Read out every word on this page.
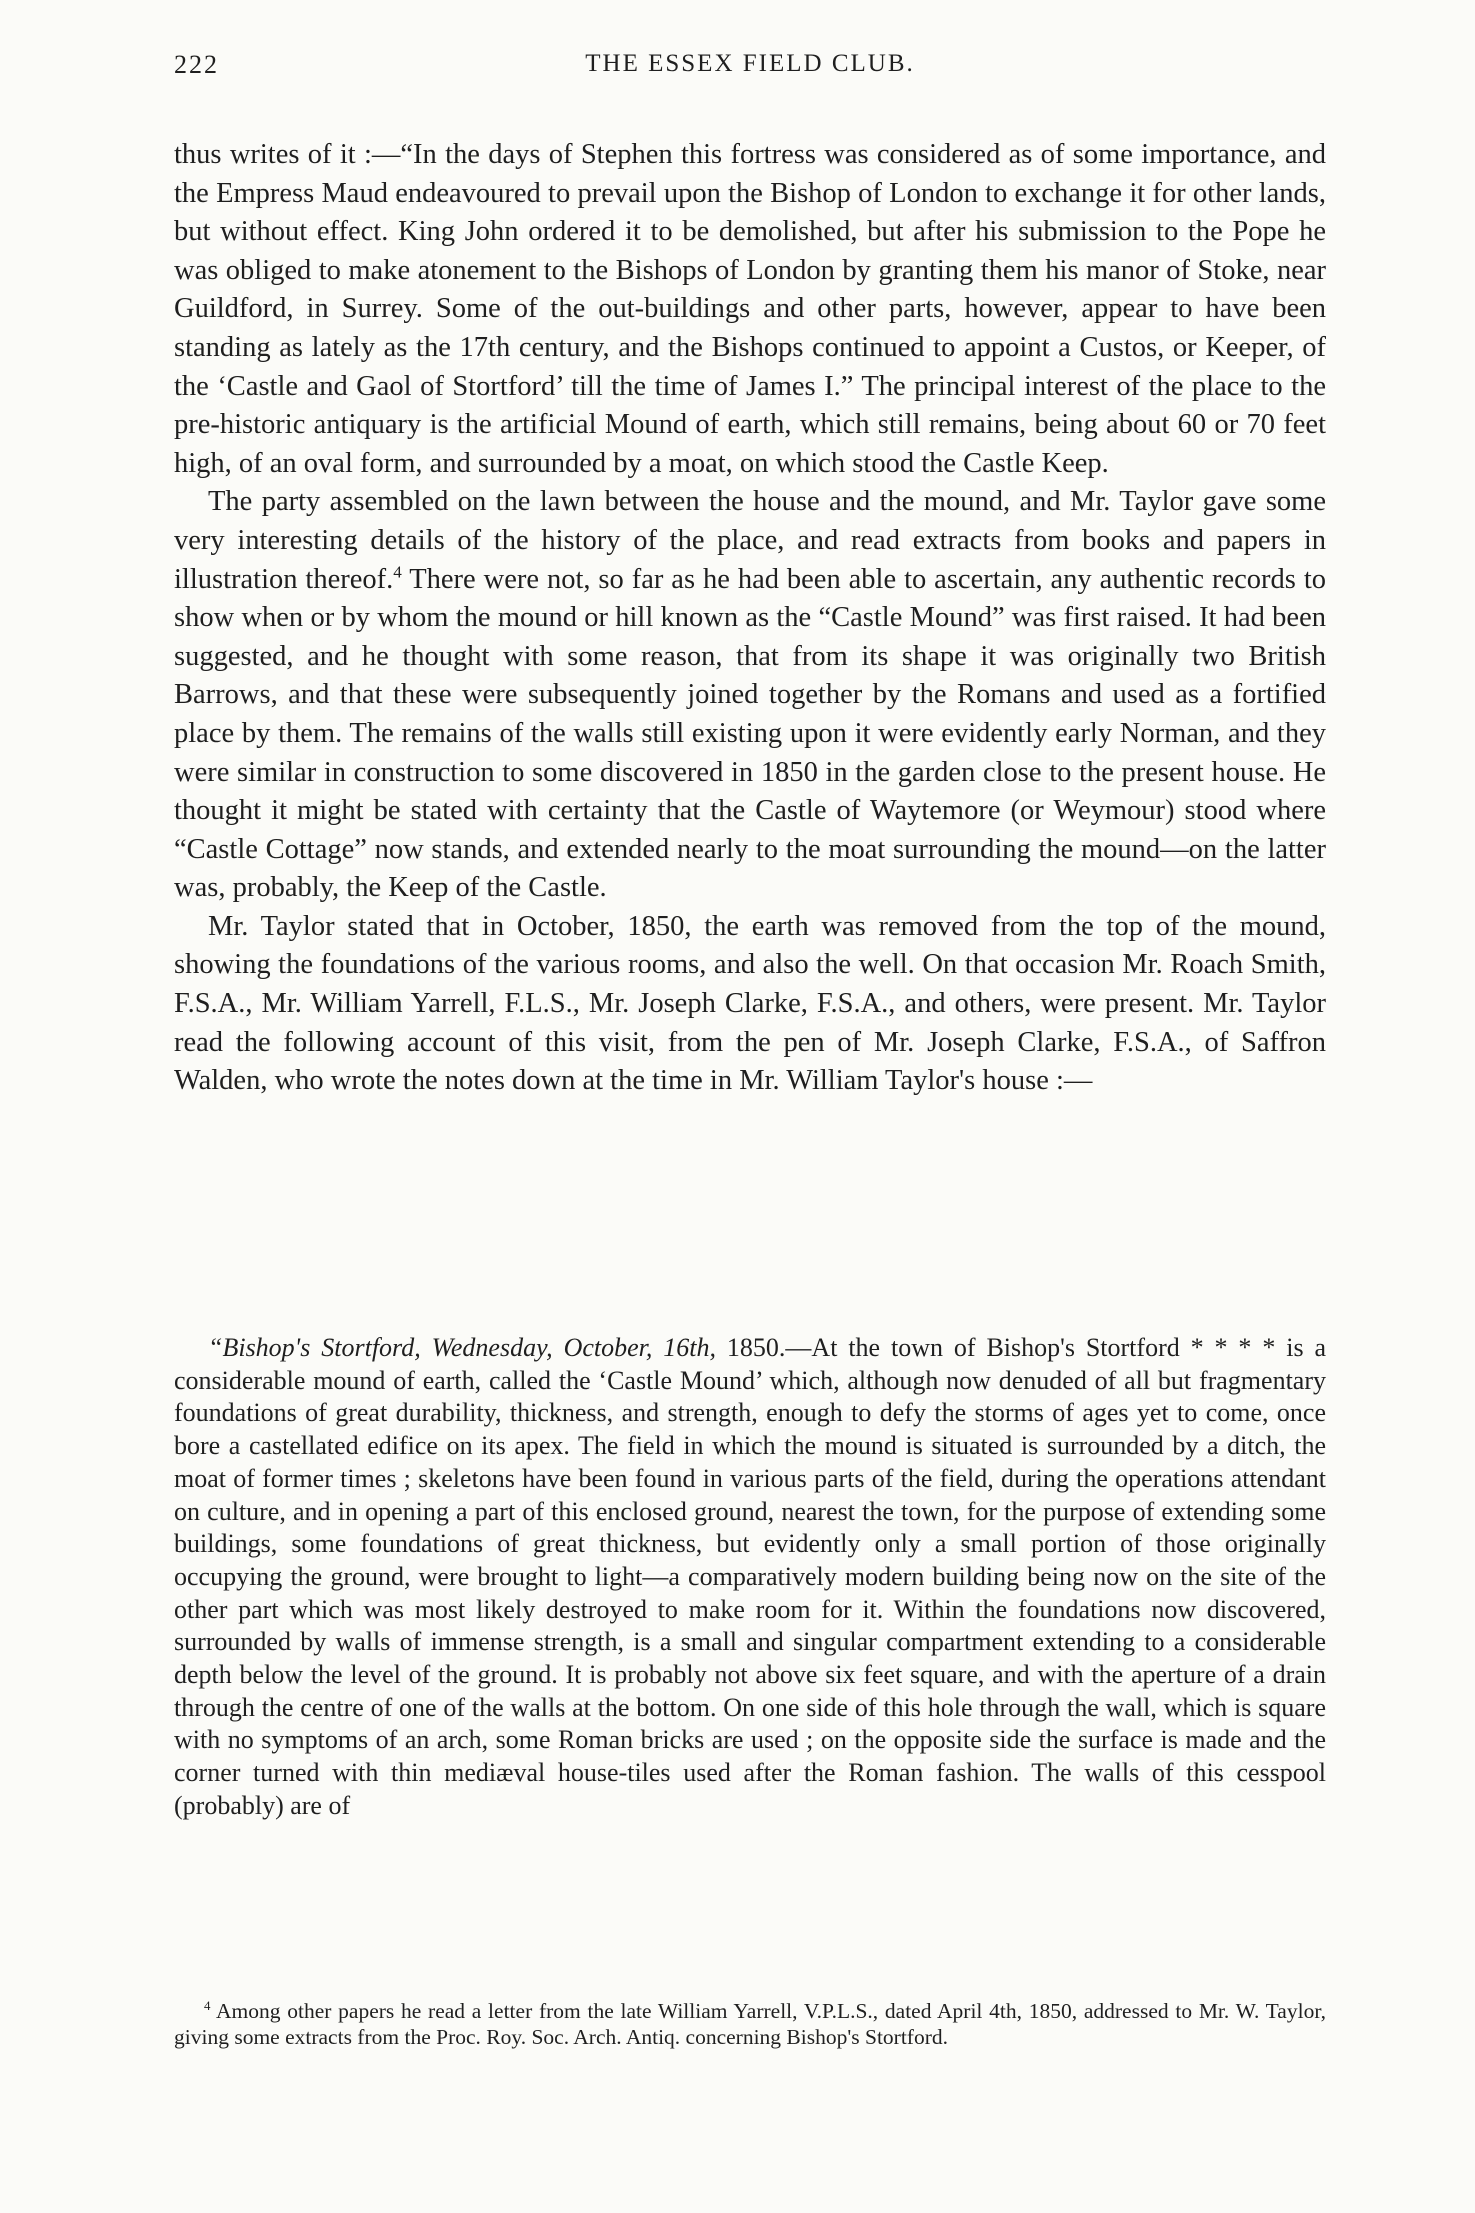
222	THE ESSEX FIELD CLUB.

thus writes of it :—“In the days of Stephen this fortress was considered as of some importance, and the Empress Maud endeavoured to prevail upon the Bishop of London to exchange it for other lands, but without effect. King John ordered it to be demolished, but after his submission to the Pope he was obliged to make atonement to the Bishops of London by granting them his manor of Stoke, near Guildford, in Surrey. Some of the out-buildings and other parts, however, appear to have been standing as lately as the 17th century, and the Bishops continued to appoint a Custos, or Keeper, of the ‘Castle and Gaol of Stortford’ till the time of James I.” The principal interest of the place to the pre-historic antiquary is the artificial Mound of earth, which still remains, being about 60 or 70 feet high, of an oval form, and surrounded by a moat, on which stood the Castle Keep.

The party assembled on the lawn between the house and the mound, and Mr. Taylor gave some very interesting details of the history of the place, and read extracts from books and papers in illustration thereof.$^4$ There were not, so far as he had been able to ascertain, any authentic records to show when or by whom the mound or hill known as the “Castle Mound” was first raised. It had been suggested, and he thought with some reason, that from its shape it was originally two British Barrows, and that these were subsequently joined together by the Romans and used as a fortified place by them. The remains of the walls still existing upon it were evidently early Norman, and they were similar in construction to some discovered in 1850 in the garden close to the present house. He thought it might be stated with certainty that the Castle of Waytemore (or Weymour) stood where “Castle Cottage” now stands, and extended nearly to the moat surrounding the mound—on the latter was, probably, the Keep of the Castle.

Mr. Taylor stated that in October, 1850, the earth was removed from the top of the mound, showing the foundations of the various rooms, and also the well. On that occasion Mr. Roach Smith, F.S.A., Mr. William Yarrell, F.L.S., Mr. Joseph Clarke, F.S.A., and others, were present. Mr. Taylor read the following account of this visit, from the pen of Mr. Joseph Clarke, F.S.A., of Saffron Walden, who wrote the notes down at the time in Mr. William Taylor's house :—

“Bishop's Stortford, Wednesday, October, 16th, 1850.—At the town of Bishop's Stortford * * * * is a considerable mound of earth, called the ‘Castle Mound’ which, although now denuded of all but fragmentary foundations of great durability, thickness, and strength, enough to defy the storms of ages yet to come, once bore a castellated edifice on its apex. The field in which the mound is situated is surrounded by a ditch, the moat of former times ; skeletons have been found in various parts of the field, during the operations attendant on culture, and in opening a part of this enclosed ground, nearest the town, for the purpose of extending some buildings, some foundations of great thickness, but evidently only a small portion of those originally occupying the ground, were brought to light—a comparatively modern building being now on the site of the other part which was most likely destroyed to make room for it. Within the foundations now discovered, surrounded by walls of immense strength, is a small and singular compartment extending to a considerable depth below the level of the ground. It is probably not above six feet square, and with the aperture of a drain through the centre of one of the walls at the bottom. On one side of this hole through the wall, which is square with no symptoms of an arch, some Roman bricks are used ; on the opposite side the surface is made and the corner turned with thin mediæval house-tiles used after the Roman fashion. The walls of this cesspool (probably) are of

$^4$ Among other papers he read a letter from the late William Yarrell, V.P.L.S., dated April 4th, 1850, addressed to Mr. W. Taylor, giving some extracts from the Proc. Roy. Soc. Arch. Antiq. concerning Bishop's Stortford.
